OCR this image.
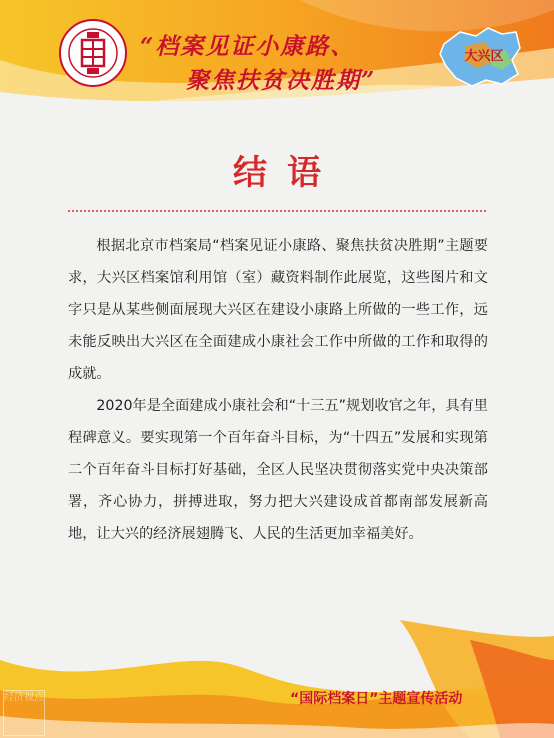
“档案见证小康路、
聚焦扶贫决胜期”
大兴区
结语

根据北京市档案局“档案见证小康路、聚焦扶贫决胜期”主题要求，大兴区档案馆利用馆（室）藏资料制作此展览，这些图片和文字只是从某些侧面展现大兴区在建设小康路上所做的一些工作，远未能反映出大兴区在全面建成小康社会工作中所做的工作和取得的成就。

2020年是全面建成小康社会和“十三五”规划收官之年，具有里程碑意义。要实现第一个百年奋斗目标，为“十四五”发展和实现第二个百年奋斗目标打好基础，全区人民坚决贯彻落实党中央决策部署，齐心协力，拼搏进取，努力把大兴建设成首都南部发展新高地，让大兴的经济展翅腾飞、人民的生活更加幸福美好。

“国际档案日”主题宣传活动
经济视点
